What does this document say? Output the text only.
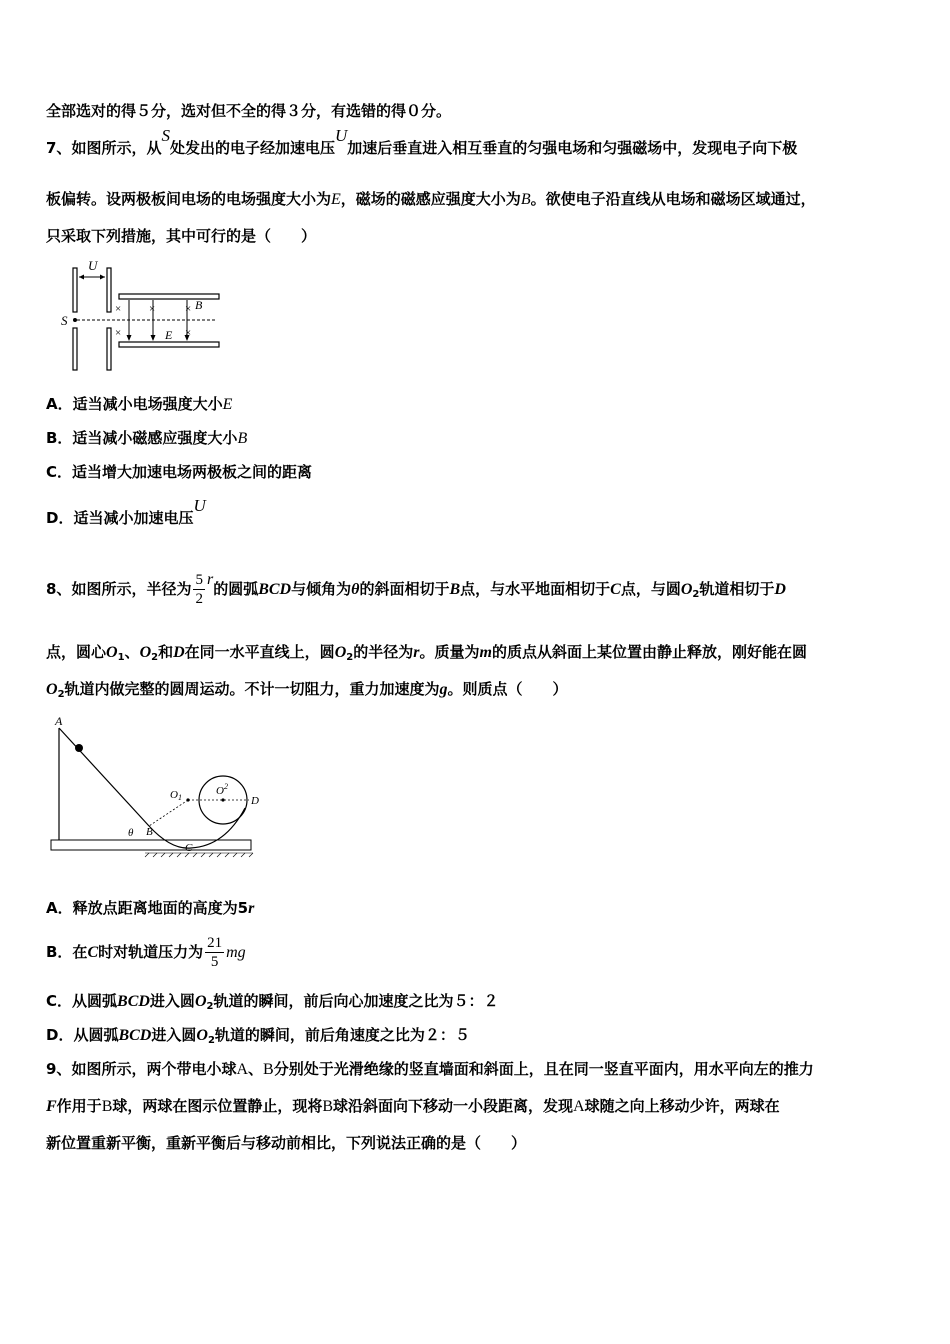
全部选对的得５分，选对但不全的得３分，有选错的得０分。
7、如图所示，从S处发出的电子经加速电压U加速后垂直进入相互垂直的匀强电场和匀强磁场中，发现电子向下极
板偏转。设两极板间电场的电场强度大小为E，磁场的磁感应强度大小为B。欲使电子沿直线从电场和磁场区域通过，
只采取下列措施，其中可行的是（　　）
U
S
×	×	×
×	×
E
B
A．适当减小电场强度大小E
B．适当减小磁感应强度大小B
C．适当增大加速电场两极板之间的距离
D．适当减小加速电压U
8、如图所示，半径为 $\frac{5}{2}$ r的圆弧BCD与倾角为θ的斜面相切于B点，与水平地面相切于C点，与圆$O_2$轨道相切于D
点，圆心$O_1$、$O_2$和D在同一水平直线上，圆$O_2$的半径为r。质量为m的质点从斜面上某位置由静止释放，刚好能在圆
$O_2$轨道内做完整的圆周运动。不计一切阻力，重力加速度为g。则质点（　　）
A
O1
$O^2$
D
θ B
C
A．释放点距离地面的高度为5r
B．在C时对轨道压力为 $\frac{21}{5}$ mg
C．从圆弧BCD进入圆$O_2$轨道的瞬间，前后向心加速度之比为５：２
D．从圆弧BCD进入圆$O_2$轨道的瞬间，前后角速度之比为２：５
9、如图所示，两个带电小球A、B分别处于光滑绝缘的竖直墙面和斜面上，且在同一竖直平面内，用水平向左的推力
F作用于B球，两球在图示位置静止，现将B球沿斜面向下移动一小段距离，发现A球随之向上移动少许，两球在
新位置重新平衡，重新平衡后与移动前相比，下列说法正确的是（　　）
